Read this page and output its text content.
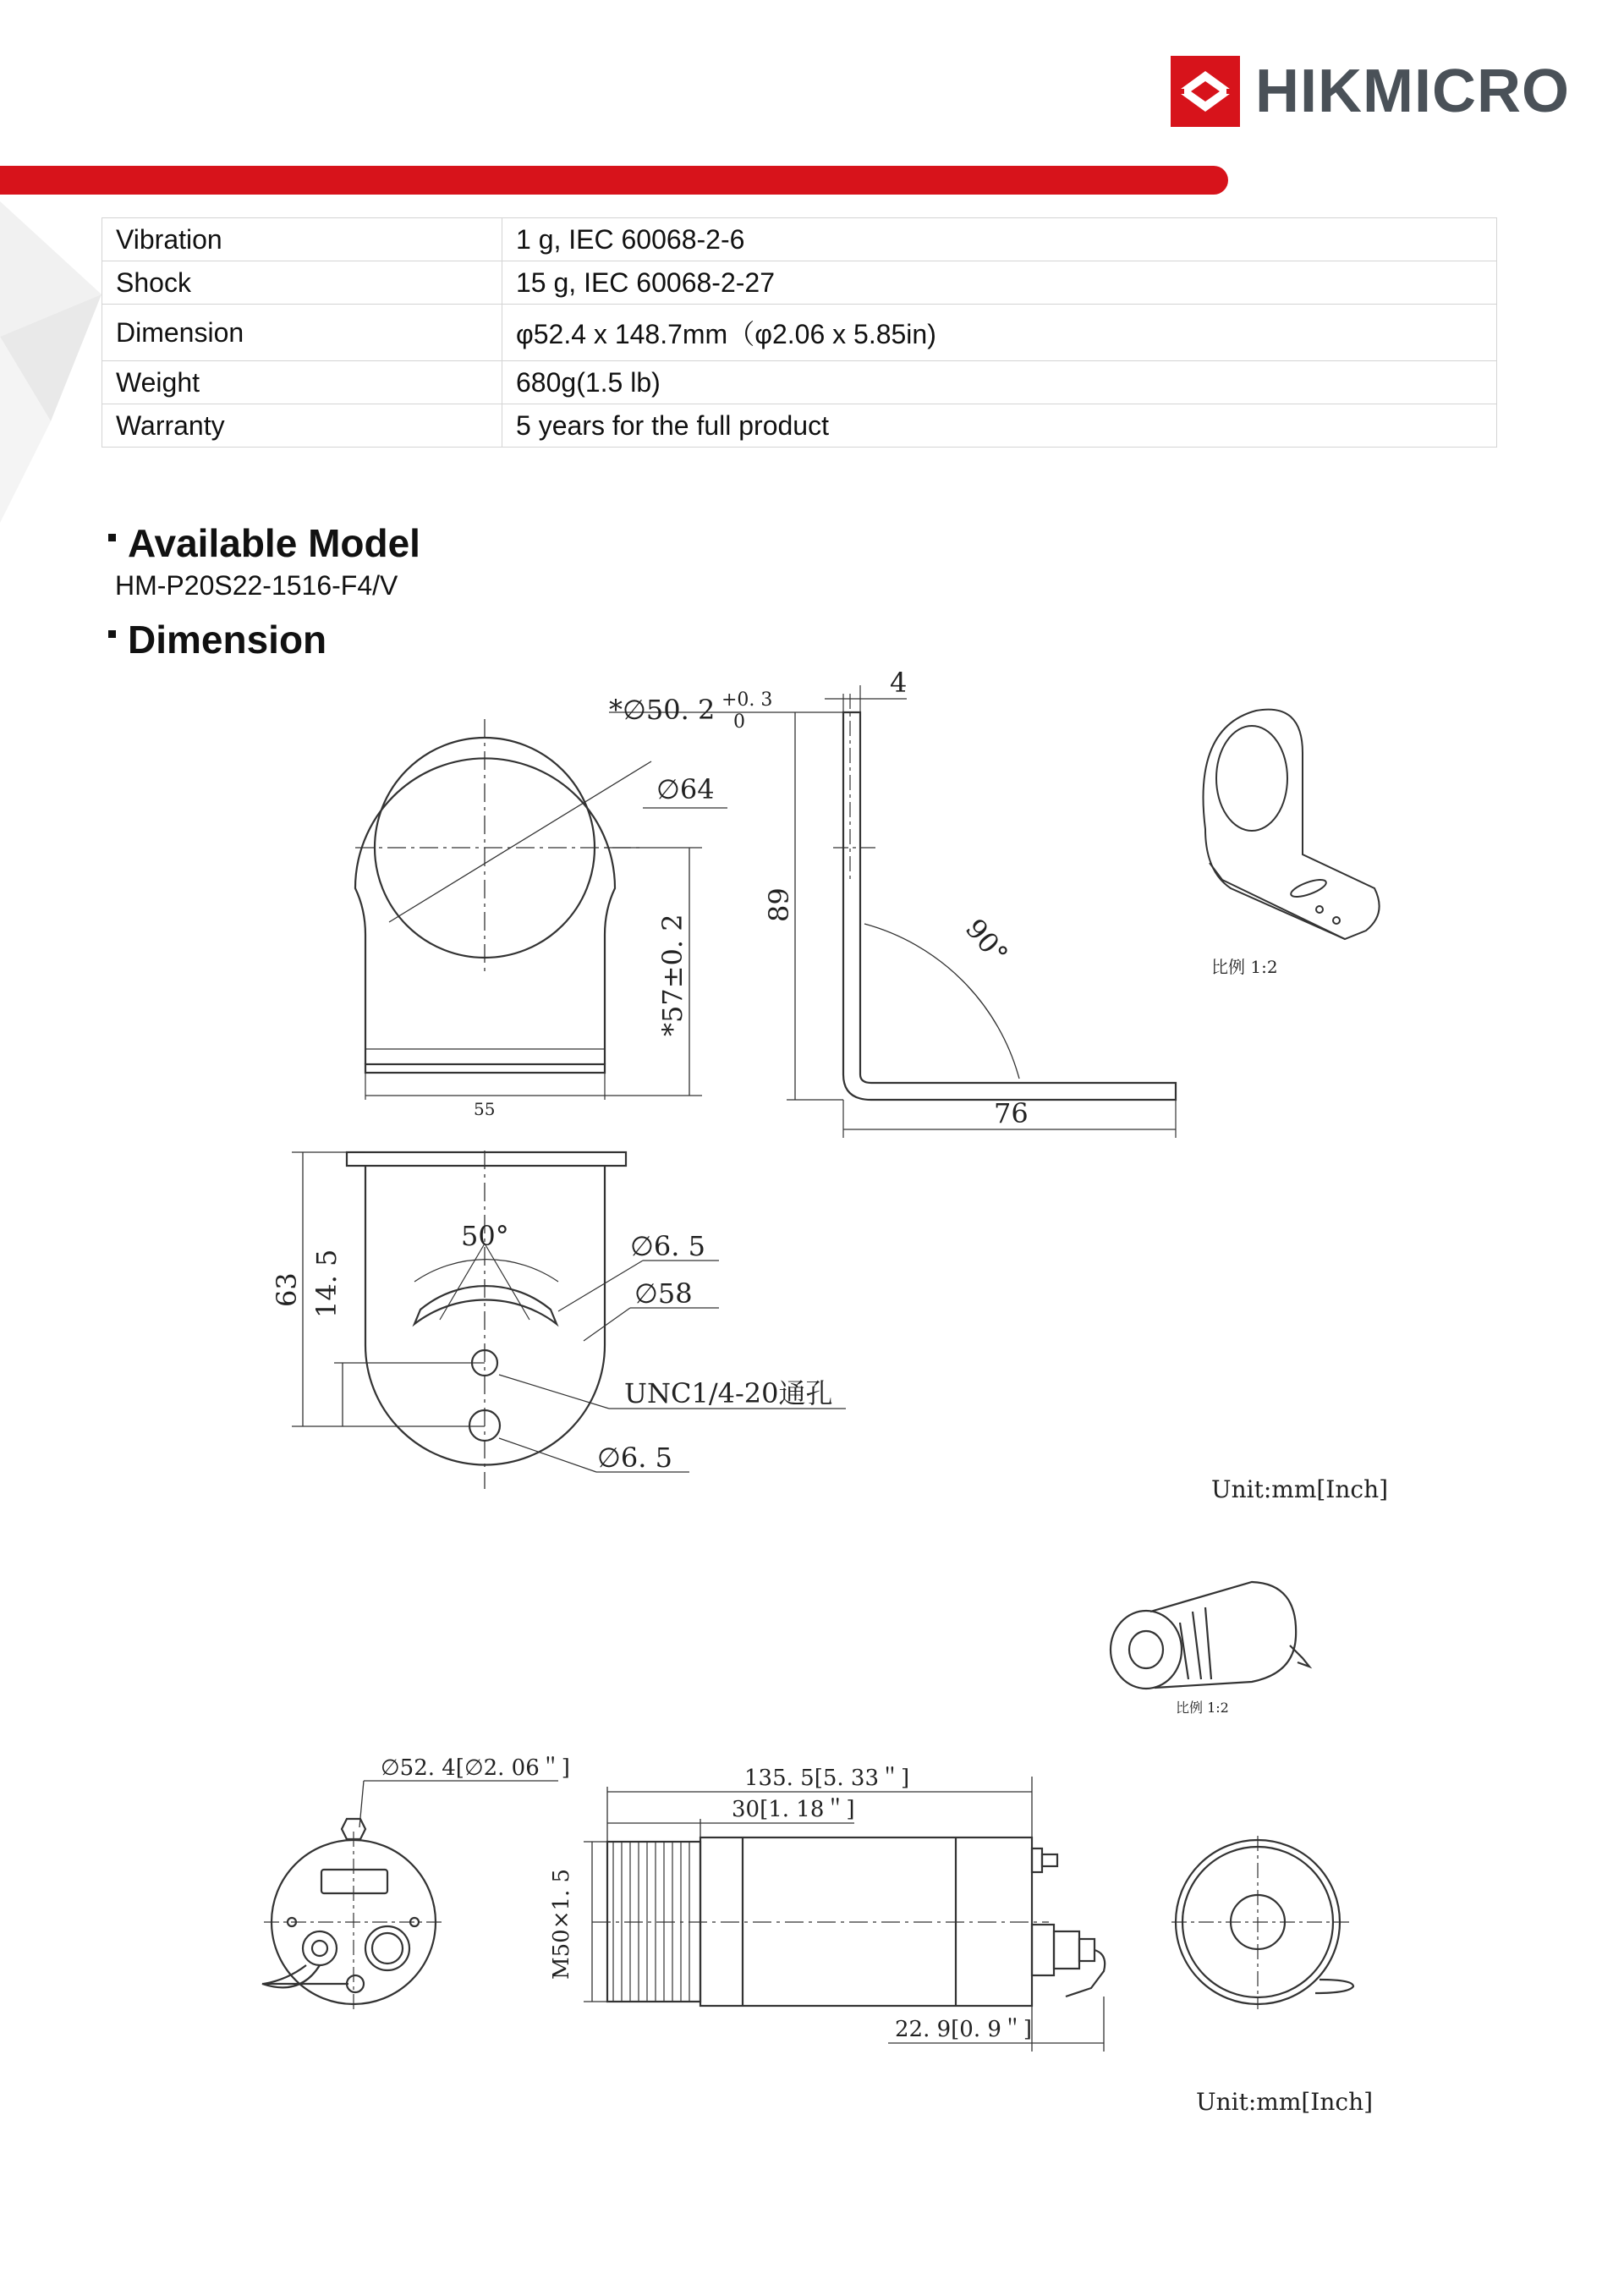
HIKMICRO
Vibration	1 g, IEC 60068-2-6
Shock	15 g, IEC 60068-2-27
Dimension	φ52.4 x 148.7mm（φ2.06 x 5.85in)
Weight	680g(1.5 lb)
Warranty	5 years for the full product
Available Model
HM-P20S22-1516-F4/V
Dimension
*∅50. 2 +0. 3
0
∅64
*57±0. 2
55
4
89
90°
76
比例 1:2
50°	∅6. 5
∅58
63 14. 5
UNC1/4-20通孔
∅6. 5
Unit:mm[Inch]
比例 1:2
∅52. 4[∅2. 06＂]	135. 5[5. 33＂]
30[1. 18＂]
M50×1. 5
22. 9[0. 9＂]
Unit:mm[Inch]
